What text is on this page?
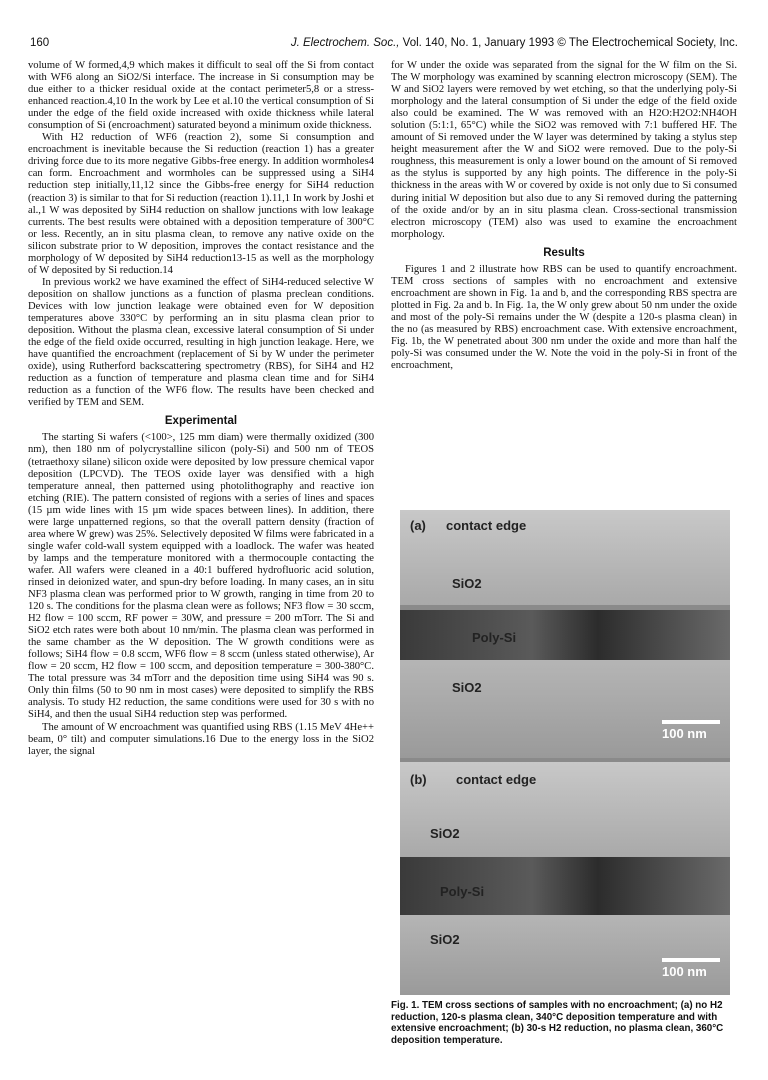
160	J. Electrochem. Soc., Vol. 140, No. 1, January 1993 © The Electrochemical Society, Inc.

volume of W formed,4,9 which makes it difficult to seal off the Si from contact with WF6 along an SiO2/Si interface. The increase in Si consumption may be due either to a thicker residual oxide at the contact perimeter5,8 or a stress-enhanced reaction.4,10 In the work by Lee et al.10 the vertical consumption of Si under the edge of the field oxide increased with oxide thickness while lateral consumption of Si (encroachment) saturated beyond a minimum oxide thickness.

With H2 reduction of WF6 (reaction 2), some Si consumption and encroachment is inevitable because the Si reduction (reaction 1) has a greater driving force due to its more negative Gibbs-free energy. In addition wormholes4 can form. Encroachment and wormholes can be suppressed using a SiH4 reduction step initially,11,12 since the Gibbs-free energy for SiH4 reduction (reaction 3) is similar to that for Si reduction (reaction 1).11,1 In work by Joshi et al.,1 W was deposited by SiH4 reduction on shallow junctions with low leakage currents. The best results were obtained with a deposition temperature of 300°C or less. Recently, an in situ plasma clean, to remove any native oxide on the silicon substrate prior to W deposition, improves the contact resistance and the morphology of W deposited by SiH4 reduction13-15 as well as the morphology of W deposited by Si reduction.14

In previous work2 we have examined the effect of SiH4-reduced selective W deposition on shallow junctions as a function of plasma preclean conditions. Devices with low junction leakage were obtained even for W deposition temperatures above 330°C by performing an in situ plasma clean prior to deposition. Without the plasma clean, excessive lateral consumption of Si under the edge of the field oxide occurred, resulting in high junction leakage. Here, we have quantified the encroachment (replacement of Si by W under the perimeter oxide), using Rutherford backscattering spectrometry (RBS), for SiH4 and H2 reduction as a function of temperature and plasma clean time and for SiH4 reduction as a function of the WF6 flow. The results have been checked and verified by TEM and SEM.

Experimental

The starting Si wafers (<100>, 125 mm diam) were thermally oxidized (300 nm), then 180 nm of polycrystalline silicon (poly-Si) and 500 nm of TEOS (tetraethoxy silane) silicon oxide were deposited by low pressure chemical vapor deposition (LPCVD). The TEOS oxide layer was densified with a high temperature anneal, then patterned using photolithography and reactive ion etching (RIE). The pattern consisted of regions with a series of lines and spaces (15 µm wide lines with 15 µm wide spaces between lines). In addition, there were large unpatterned regions, so that the overall pattern density (fraction of area where W grew) was 25%. Selectively deposited W films were fabricated in a single wafer cold-wall system equipped with a loadlock. The wafer was heated by lamps and the temperature monitored with a thermocouple contacting the wafer. All wafers were cleaned in a 40:1 buffered hydrofluoric acid solution, rinsed in deionized water, and spun-dry before loading. In many cases, an in situ NF3 plasma clean was performed prior to W growth, ranging in time from 20 to 120 s. The conditions for the plasma clean were as follows; NF3 flow = 30 sccm, H2 flow = 100 sccm, RF power = 30W, and pressure = 200 mTorr. The Si and SiO2 etch rates were both about 10 nm/min. The plasma clean was performed in the same chamber as the W deposition. The W growth conditions were as follows; SiH4 flow = 0.8 sccm, WF6 flow = 8 sccm (unless stated otherwise), Ar flow = 20 sccm, H2 flow = 100 sccm, and deposition temperature = 300-380°C. The total pressure was 34 mTorr and the deposition time using SiH4 was 90 s. Only thin films (50 to 90 nm in most cases) were deposited to simplify the RBS analysis. To study H2 reduction, the same conditions were used for 30 s with no SiH4, and then the usual SiH4 reduction step was performed.

The amount of W encroachment was quantified using RBS (1.15 MeV 4He++ beam, 0° tilt) and computer simulations.16 Due to the energy loss in the SiO2 layer, the signal

for W under the oxide was separated from the signal for the W film on the Si. The W morphology was examined by scanning electron microscopy (SEM). The W and SiO2 layers were removed by wet etching, so that the underlying poly-Si morphology and the lateral consumption of Si under the edge of the field oxide also could be examined. The W was removed with an H2O:H2O2:NH4OH solution (5:1:1, 65°C) while the SiO2 was removed with 7:1 buffered HF. The amount of Si removed under the W layer was determined by taking a stylus step height measurement after the W and SiO2 were removed. Due to the poly-Si roughness, this measurement is only a lower bound on the amount of Si removed as the stylus is supported by any high points. The difference in the poly-Si thickness in the areas with W or covered by oxide is not only due to Si consumed during initial W deposition but also due to any Si removed during the patterning of the oxide and/or by an in situ plasma clean. Cross-sectional transmission electron microscopy (TEM) also was used to examine the encroachment morphology.

Results

Figures 1 and 2 illustrate how RBS can be used to quantify encroachment. TEM cross sections of samples with no encroachment and extensive encroachment are shown in Fig. 1a and b, and the corresponding RBS spectra are plotted in Fig. 2a and b. In Fig. 1a, the W only grew about 50 nm under the oxide and most of the poly-Si remains under the W (despite a 120-s plasma clean) in the no (as measured by RBS) encroachment case. With extensive encroachment, Fig. 1b, the W penetrated about 300 nm under the oxide and more than half the poly-Si was consumed under the W. Note the void in the poly-Si in front of the encroachment,

(a) contact edge
SiO2
Poly-Si
SiO2
100 nm
(b) contact edge
SiO2
Poly-Si
SiO2
100 nm
Fig. 1. TEM cross sections of samples with no encroachment; (a) no H2 reduction, 120-s plasma clean, 340°C deposition temperature and with extensive encroachment; (b) 30-s H2 reduction, no plasma clean, 360°C deposition temperature.
